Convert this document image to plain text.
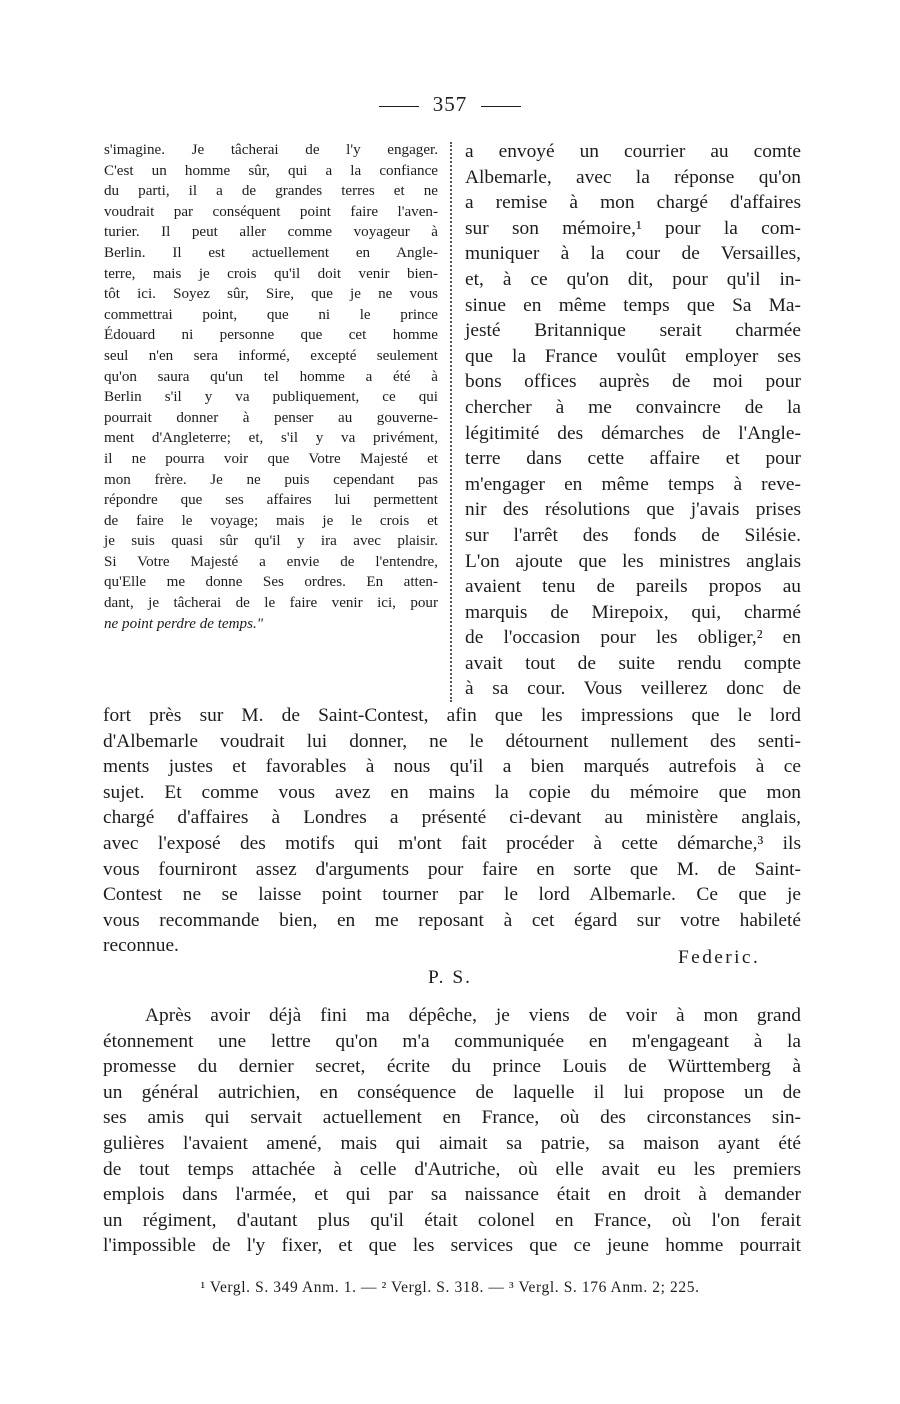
357
s'imagine. Je tâcherai de l'y engager.
C'est un homme sûr, qui a la confiance
du parti, il a de grandes terres et ne
voudrait par conséquent point faire l'aven-
turier. Il peut aller comme voyageur à
Berlin. Il est actuellement en Angle-
terre, mais je crois qu'il doit venir bien-
tôt ici. Soyez sûr, Sire, que je ne vous
commettrai point, que ni le prince
Édouard ni personne que cet homme
seul n'en sera informé, excepté seulement
qu'on saura qu'un tel homme a été à
Berlin s'il y va publiquement, ce qui
pourrait donner à penser au gouverne-
ment d'Angleterre; et, s'il y va privément,
il ne pourra voir que Votre Majesté et
mon frère. Je ne puis cependant pas
répondre que ses affaires lui permettent
de faire le voyage; mais je le crois et
je suis quasi sûr qu'il y ira avec plaisir.
Si Votre Majesté a envie de l'entendre,
qu'Elle me donne Ses ordres. En atten-
dant, je tâcherai de le faire venir ici, pour
ne point perdre de temps."
a envoyé un courrier au comte
Albemarle, avec la réponse qu'on
a remise à mon chargé d'affaires
sur son mémoire,¹ pour la com-
muniquer à la cour de Versailles,
et, à ce qu'on dit, pour qu'il in-
sinue en même temps que Sa Ma-
jesté Britannique serait charmée
que la France voulût employer ses
bons offices auprès de moi pour
chercher à me convaincre de la
légitimité des démarches de l'Angle-
terre dans cette affaire et pour
m'engager en même temps à reve-
nir des résolutions que j'avais prises
sur l'arrêt des fonds de Silésie.
L'on ajoute que les ministres anglais
avaient tenu de pareils propos au
marquis de Mirepoix, qui, charmé
de l'occasion pour les obliger,² en
avait tout de suite rendu compte
à sa cour. Vous veillerez donc de
fort près sur M. de Saint-Contest, afin que les impressions que le lord
d'Albemarle voudrait lui donner, ne le détournent nullement des senti-
ments justes et favorables à nous qu'il a bien marqués autrefois à ce
sujet. Et comme vous avez en mains la copie du mémoire que mon
chargé d'affaires à Londres a présenté ci-devant au ministère anglais,
avec l'exposé des motifs qui m'ont fait procéder à cette démarche,³ ils
vous fourniront assez d'arguments pour faire en sorte que M. de Saint-
Contest ne se laisse point tourner par le lord Albemarle. Ce que je
vous recommande bien, en me reposant à cet égard sur votre habileté
reconnue.
Federic.
P. S.
Après avoir déjà fini ma dépêche, je viens de voir à mon grand
étonnement une lettre qu'on m'a communiquée en m'engageant à la
promesse du dernier secret, écrite du prince Louis de Württemberg à
un général autrichien, en conséquence de laquelle il lui propose un de
ses amis qui servait actuellement en France, où des circonstances sin-
gulières l'avaient amené, mais qui aimait sa patrie, sa maison ayant été
de tout temps attachée à celle d'Autriche, où elle avait eu les premiers
emplois dans l'armée, et qui par sa naissance était en droit à demander
un régiment, d'autant plus qu'il était colonel en France, où l'on ferait
l'impossible de l'y fixer, et que les services que ce jeune homme pourrait
¹ Vergl. S. 349 Anm. 1. — ² Vergl. S. 318. — ³ Vergl. S. 176 Anm. 2; 225.
